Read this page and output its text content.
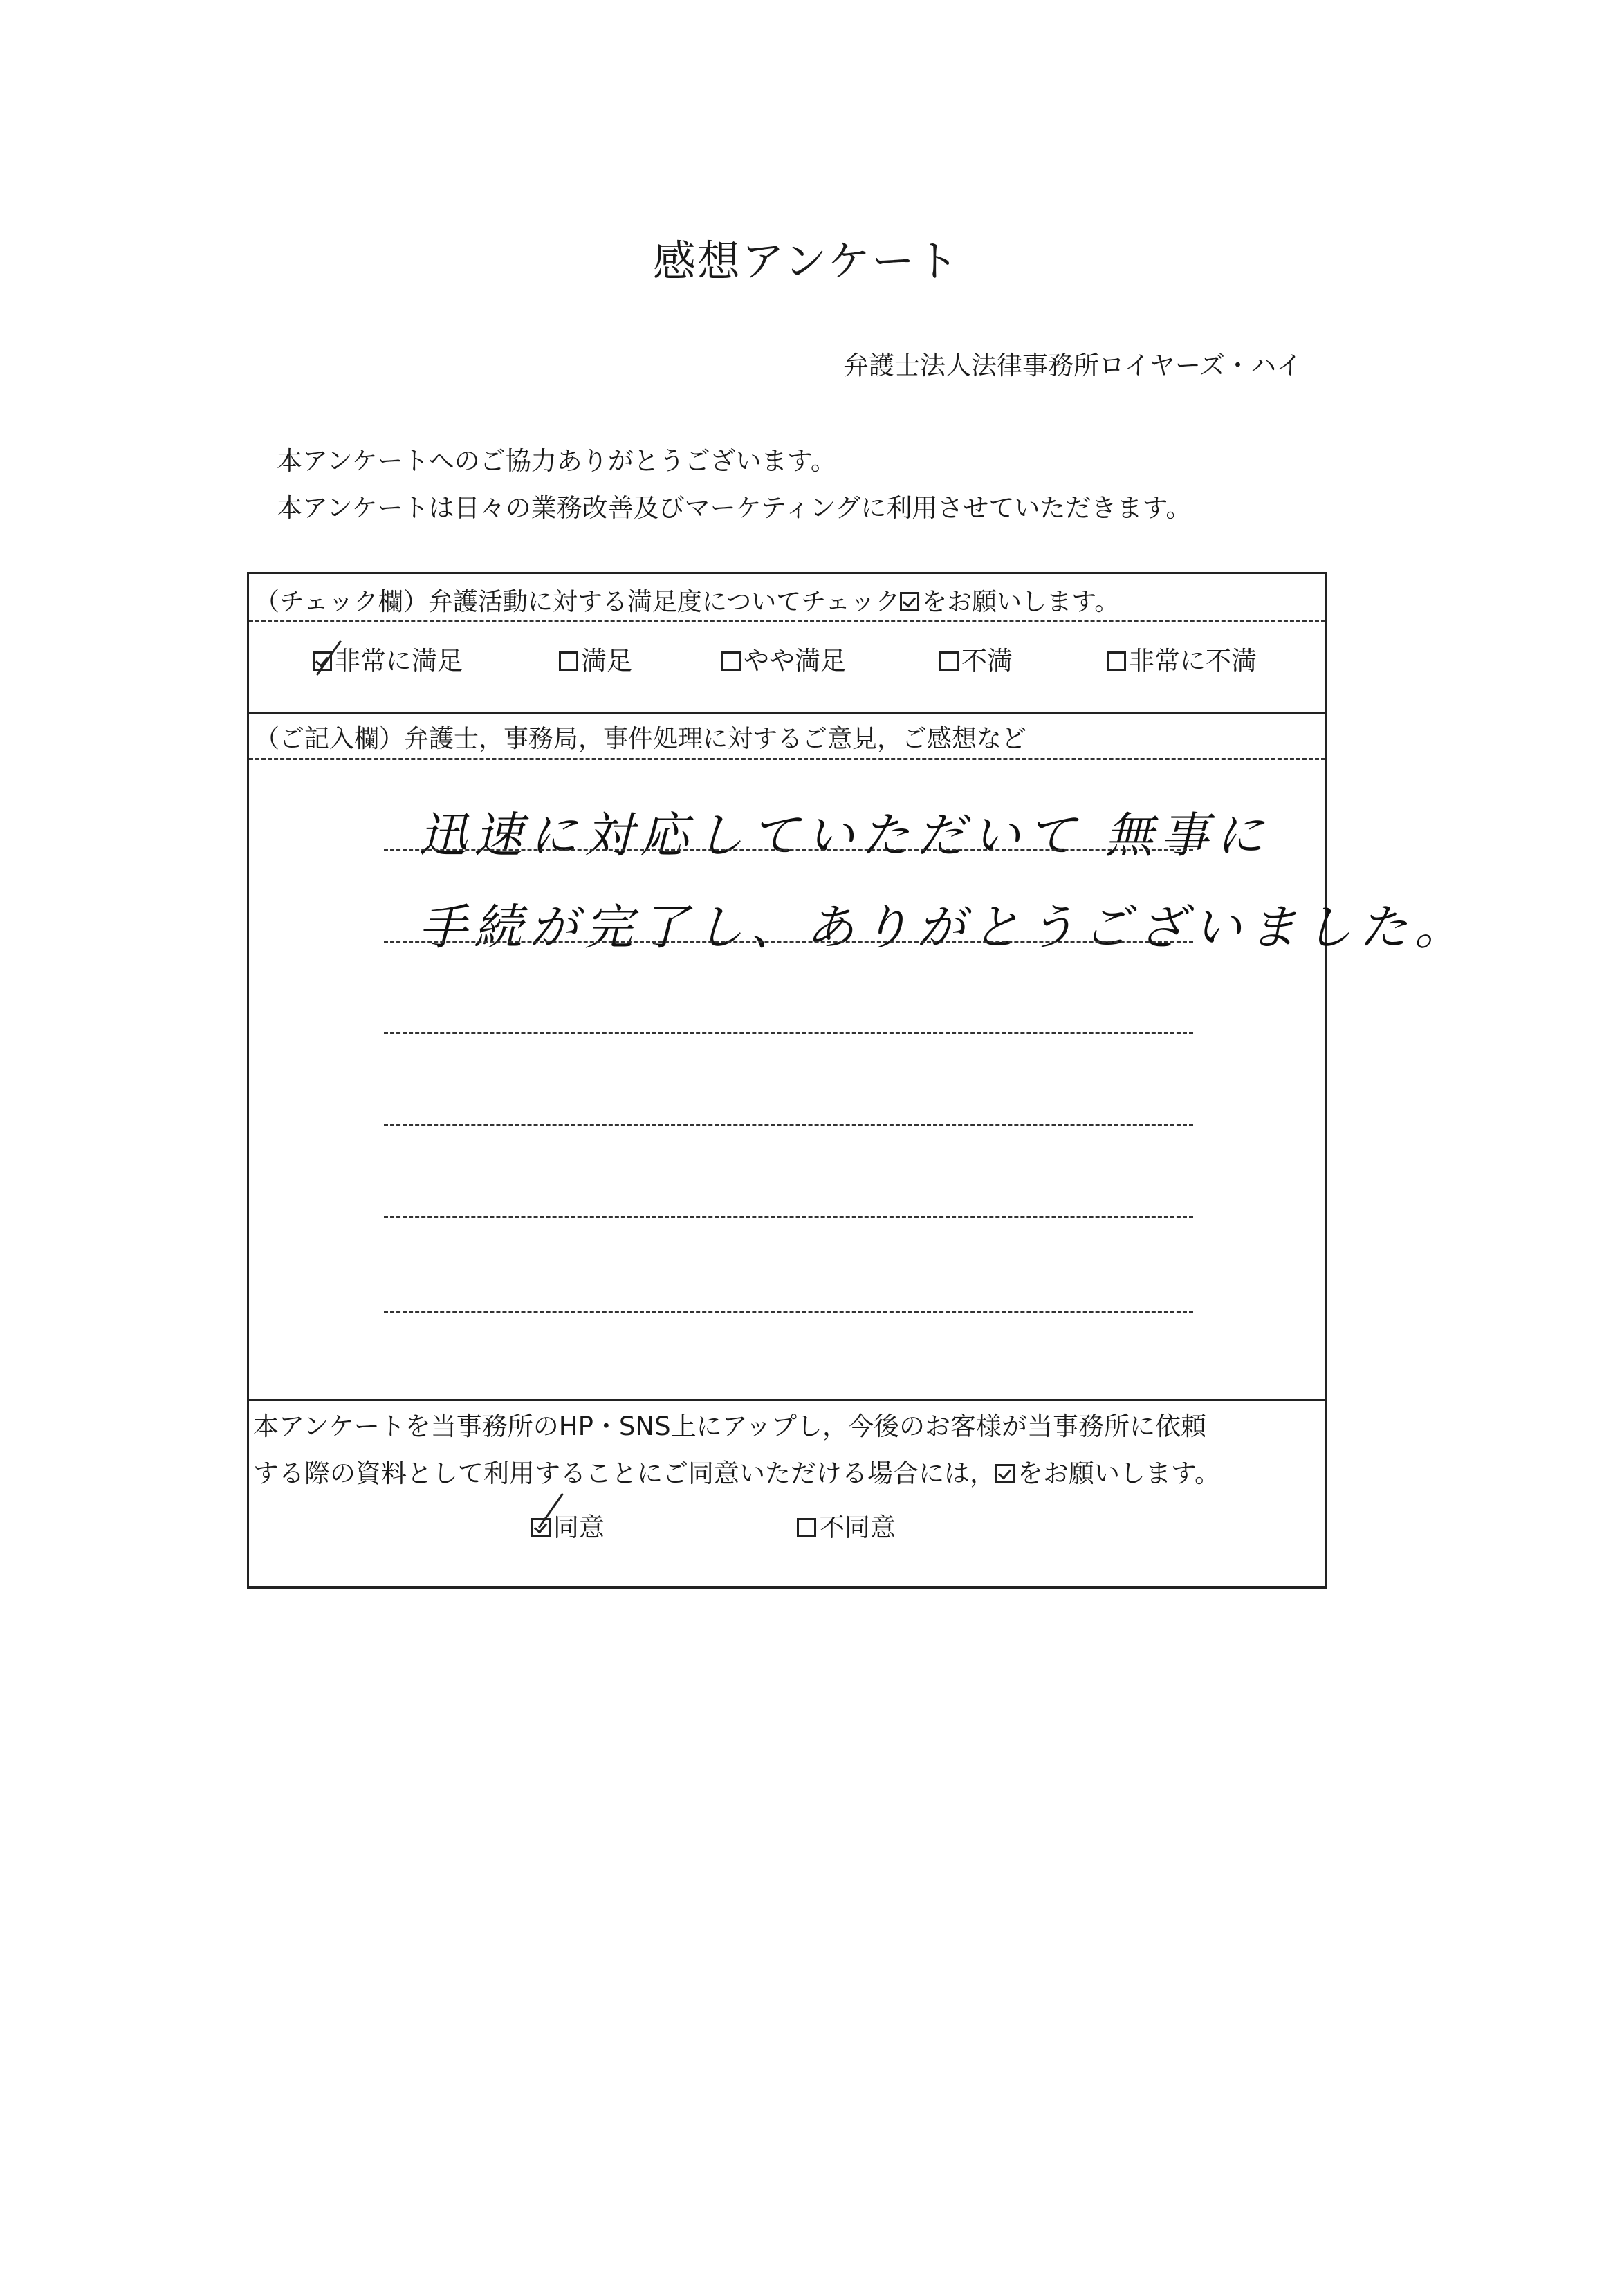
感想アンケート
弁護士法人法律事務所ロイヤーズ・ハイ
本アンケートへのご協力ありがとうございます。
本アンケートは日々の業務改善及びマーケティングに利用させていただきます。
（チェック欄）弁護活動に対する満足度についてチェック をお願いします。
非常に満足	満足	やや満足	不満	非常に不満
（ご記入欄）弁護士，事務局，事件処理に対するご意見，ご感想など
迅速に対応していただいて 無事に
手続が完了し、ありがとうございました。
本アンケートを当事務所のHP・SNS上にアップし，今後のお客様が当事務所に依頼
する際の資料として利用することにご同意いただける場合には， をお願いします。
同意	不同意
